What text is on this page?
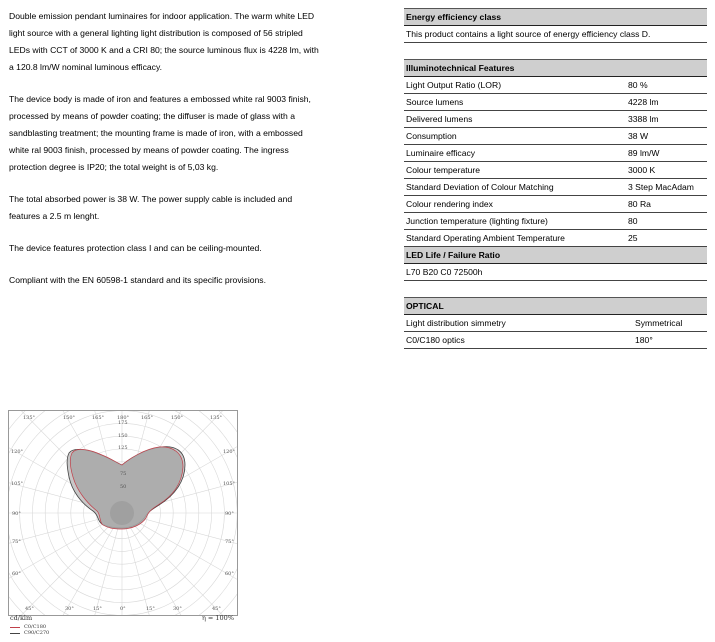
Double emission pendant luminaires for indoor application. The warm white LED light source with a general lighting light distribution is composed of 56 stripled LEDs with CCT of 3000 K and a CRI 80; the source luminous flux is 4228 lm, with a 120.8 lm/W nominal luminous efficacy.

The device body is made of iron and features a embossed white ral 9003 finish, processed by means of powder coating; the diffuser is made of glass with a sandblasting treatment; the mounting frame is made of iron, with a embossed white ral 9003 finish, processed by means of powder coating. The ingress protection degree is IP20; the total weight is of 5,03 kg.

The total absorbed power is 38 W. The power supply cable is included and features a 2.5 m lenght.

The device features protection class I and can be ceiling-mounted.

Compliant with the EN 60598-1 standard and its specific provisions.

Energy efficiency class
This product contains a light source of energy efficiency class D.
Illuminotechnical Features
Light Output Ratio (LOR)	80 %
Source lumens	4228 lm
Delivered lumens	3388 lm
Consumption	38 W
Luminaire efficacy	89 lm/W
Colour temperature	3000 K
Standard Deviation of Colour Matching	3 Step MacAdam
Colour rendering index	80 Ra
Junction temperature (lighting fixture)	80
Standard Operating Ambient Temperature	25
LED Life / Failure Ratio
L70 B20 C0 72500h
OPTICAL
Light distribution simmetry	Symmetrical
C0/C180 optics	180°
135°	150°	165°	180° 165°	150°	135°
175
150
125
75
50
120°
105°
90°
75°
60°
120°
105°
90°
75°
60°
45°	30°	15°	0°	15°	30°	45°
cd/klm	η = 100%
C0/C180
C90/C270
